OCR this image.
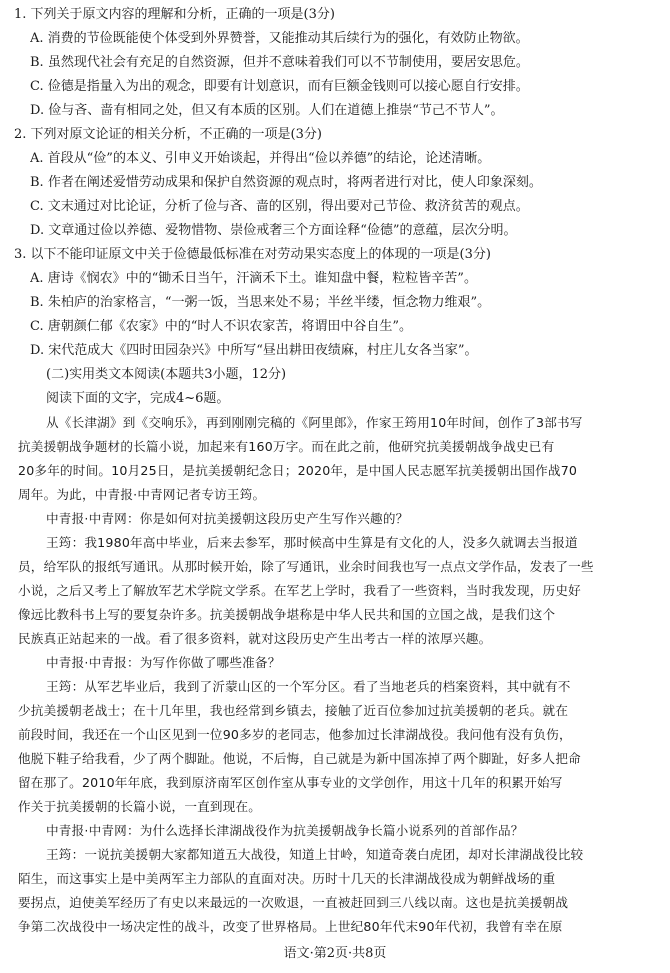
1. 下列关于原文内容的理解和分析，正确的一项是(3分)
A. 消费的节俭既能使个体受到外界赞誉，又能推动其后续行为的强化，有效防止物欲。
B. 虽然现代社会有充足的自然资源，但并不意味着我们可以不节制使用，要居安思危。
C. 俭德是指量入为出的观念，即要有计划意识，而有巨额金钱则可以接心愿自行安排。
D. 俭与吝、啬有相同之处，但又有本质的区别。人们在道德上推崇“节己不节人”。
2. 下列对原文论证的相关分析，不正确的一项是(3分)
A. 首段从“俭”的本义、引申义开始谈起，并得出“俭以养德”的结论，论述清晰。
B. 作者在阐述爱惜劳动成果和保护自然资源的观点时，将两者进行对比，使人印象深刻。
C. 文末通过对比论证，分析了俭与吝、啬的区别，得出要对己节俭、救济贫苦的观点。
D. 文章通过俭以养德、爱物惜物、崇俭戒奢三个方面诠释“俭德”的意蕴，层次分明。
3. 以下不能印证原文中关于俭德最低标准在对劳动果实态度上的体现的一项是(3分)
A. 唐诗《悯农》中的“锄禾日当午，汗滴禾下土。谁知盘中餐，粒粒皆辛苦”。
B. 朱柏庐的治家格言，“一粥一饭，当思来处不易；半丝半缕，恒念物力维艰”。
C. 唐朝颜仁郁《农家》中的“时人不识农家苦，将谓田中谷自生”。
D. 宋代范成大《四时田园杂兴》中所写“昼出耕田夜绩麻，村庄儿女各当家”。
(二)实用类文本阅读(本题共3小题，12分)
阅读下面的文字，完成4~6题。
从《长津湖》到《交响乐》，再到刚刚完稿的《阿里郎》，作家王筠用10年时间，创作了3部书写
抗美援朝战争题材的长篇小说，加起来有160万字。而在此之前，他研究抗美援朝战争战史已有
20多年的时间。10月25日，是抗美援朝纪念日；2020年，是中国人民志愿军抗美援朝出国作战70
周年。为此，中青报·中青网记者专访王筠。
中青报·中青网：你是如何对抗美援朝这段历史产生写作兴趣的？
王筠：我1980年高中毕业，后来去参军，那时候高中生算是有文化的人，没多久就调去当报道
员，给军队的报纸写通讯。从那时候开始，除了写通讯，业余时间我也写一点点文学作品，发表了一些
小说，之后又考上了解放军艺术学院文学系。在军艺上学时，我看了一些资料，当时我发现，历史好
像远比教科书上写的要复杂许多。抗美援朝战争堪称是中华人民共和国的立国之战，是我们这个
民族真正站起来的一战。看了很多资料，就对这段历史产生出考古一样的浓厚兴趣。
中青报·中青报：为写作你做了哪些准备？
王筠：从军艺毕业后，我到了沂蒙山区的一个军分区。看了当地老兵的档案资料，其中就有不
少抗美援朝老战士；在十几年里，我也经常到乡镇去，接触了近百位参加过抗美援朝的老兵。就在
前段时间，我还在一个山区见到一位90多岁的老同志，他参加过长津湖战役。我问他有没有负伤，
他脱下鞋子给我看，少了两个脚趾。他说，不后悔，自己就是为新中国冻掉了两个脚趾，好多人把命
留在那了。2010年年底，我到原济南军区创作室从事专业的文学创作，用这十几年的积累开始写
作关于抗美援朝的长篇小说，一直到现在。
中青报·中青网：为什么选择长津湖战役作为抗美援朝战争长篇小说系列的首部作品？
王筠：一说抗美援朝大家都知道五大战役，知道上甘岭，知道奇袭白虎团，却对长津湖战役比较
陌生，而这事实上是中美两军主力部队的直面对决。历时十几天的长津湖战役成为朝鲜战场的重
要拐点，迫使美军经历了有史以来最远的一次败退，一直被赶回到三八线以南。这也是抗美援朝战
争第二次战役中一场决定性的战斗，改变了世界格局。上世纪80年代末90年代初，我曾有幸在原
语文·第2页·共8页
